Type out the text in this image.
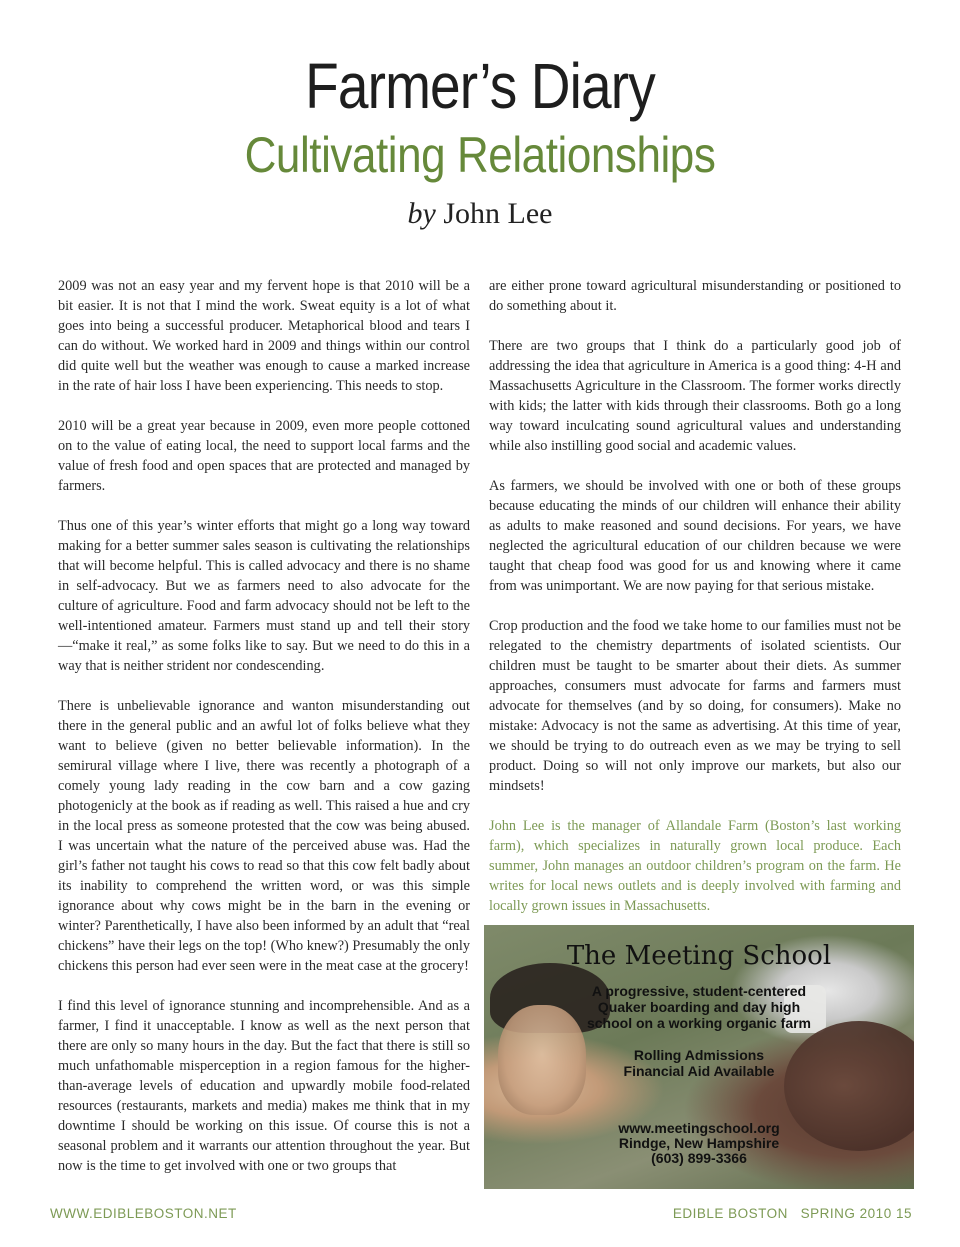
Farmer’s Diary
Cultivating Relationships
by John Lee

2009 was not an easy year and my fervent hope is that 2010 will be a bit easier. It is not that I mind the work. Sweat equity is a lot of what goes into being a successful producer. Metaphorical blood and tears I can do without. We worked hard in 2009 and things within our control did quite well but the weather was enough to cause a marked increase in the rate of hair loss I have been experiencing. This needs to stop.

2010 will be a great year because in 2009, even more people cottoned on to the value of eating local, the need to support local farms and the value of fresh food and open spaces that are protected and managed by farmers.

Thus one of this year’s winter efforts that might go a long way toward making for a better summer sales season is cultivating the relationships that will become helpful. This is called advocacy and there is no shame in self-advocacy. But we as farmers need to also advocate for the culture of agriculture. Food and farm advocacy should not be left to the well-intentioned amateur. Farmers must stand up and tell their story—“make it real,” as some folks like to say. But we need to do this in a way that is neither strident nor condescending.

There is unbelievable ignorance and wanton misunderstanding out there in the general public and an awful lot of folks believe what they want to believe (given no better believable information). In the semirural village where I live, there was recently a photograph of a comely young lady reading in the cow barn and a cow gazing photogenicly at the book as if reading as well. This raised a hue and cry in the local press as someone protested that the cow was being abused. I was uncertain what the nature of the perceived abuse was. Had the girl’s father not taught his cows to read so that this cow felt badly about its inability to comprehend the written word, or was this simple ignorance about why cows might be in the barn in the evening or winter? Parenthetically, I have also been informed by an adult that “real chickens” have their legs on the top! (Who knew?) Presumably the only chickens this person had ever seen were in the meat case at the grocery!

I find this level of ignorance stunning and incomprehensible. And as a farmer, I find it unacceptable. I know as well as the next person that there are only so many hours in the day. But the fact that there is still so much unfathomable misperception in a region famous for the higher-than-average levels of education and upwardly mobile food-related resources (restaurants, markets and media) makes me think that in my downtime I should be working on this issue. Of course this is not a seasonal problem and it warrants our attention throughout the year. But now is the time to get involved with one or two groups that

are either prone toward agricultural misunderstanding or positioned to do something about it.

There are two groups that I think do a particularly good job of addressing the idea that agriculture in America is a good thing: 4-H and Massachusetts Agriculture in the Classroom. The former works directly with kids; the latter with kids through their classrooms. Both go a long way toward inculcating sound agricultural values and understanding while also instilling good social and academic values.

As farmers, we should be involved with one or both of these groups because educating the minds of our children will enhance their ability as adults to make reasoned and sound decisions. For years, we have neglected the agricultural education of our children because we were taught that cheap food was good for us and knowing where it came from was unimportant. We are now paying for that serious mistake.

Crop production and the food we take home to our families must not be relegated to the chemistry departments of isolated scientists. Our children must be taught to be smarter about their diets. As summer approaches, consumers must advocate for farms and farmers must advocate for themselves (and by so doing, for consumers). Make no mistake: Advocacy is not the same as advertising. At this time of year, we should be trying to do outreach even as we may be trying to sell product. Doing so will not only improve our markets, but also our mindsets!

John Lee is the manager of Allandale Farm (Boston’s last working farm), which specializes in naturally grown local produce. Each summer, John manages an outdoor children’s program on the farm. He writes for local news outlets and is deeply involved with farming and locally grown issues in Massachusetts.

The Meeting School
A progressive, student-centered
Quaker boarding and day high
school on a working organic farm
Rolling Admissions
Financial Aid Available
www.meetingschool.org
Rindge, New Hampshire
(603) 899-3366
WWW.EDIBLEBOSTON.NET	EDIBLE BOSTON SPRING 2010 15
